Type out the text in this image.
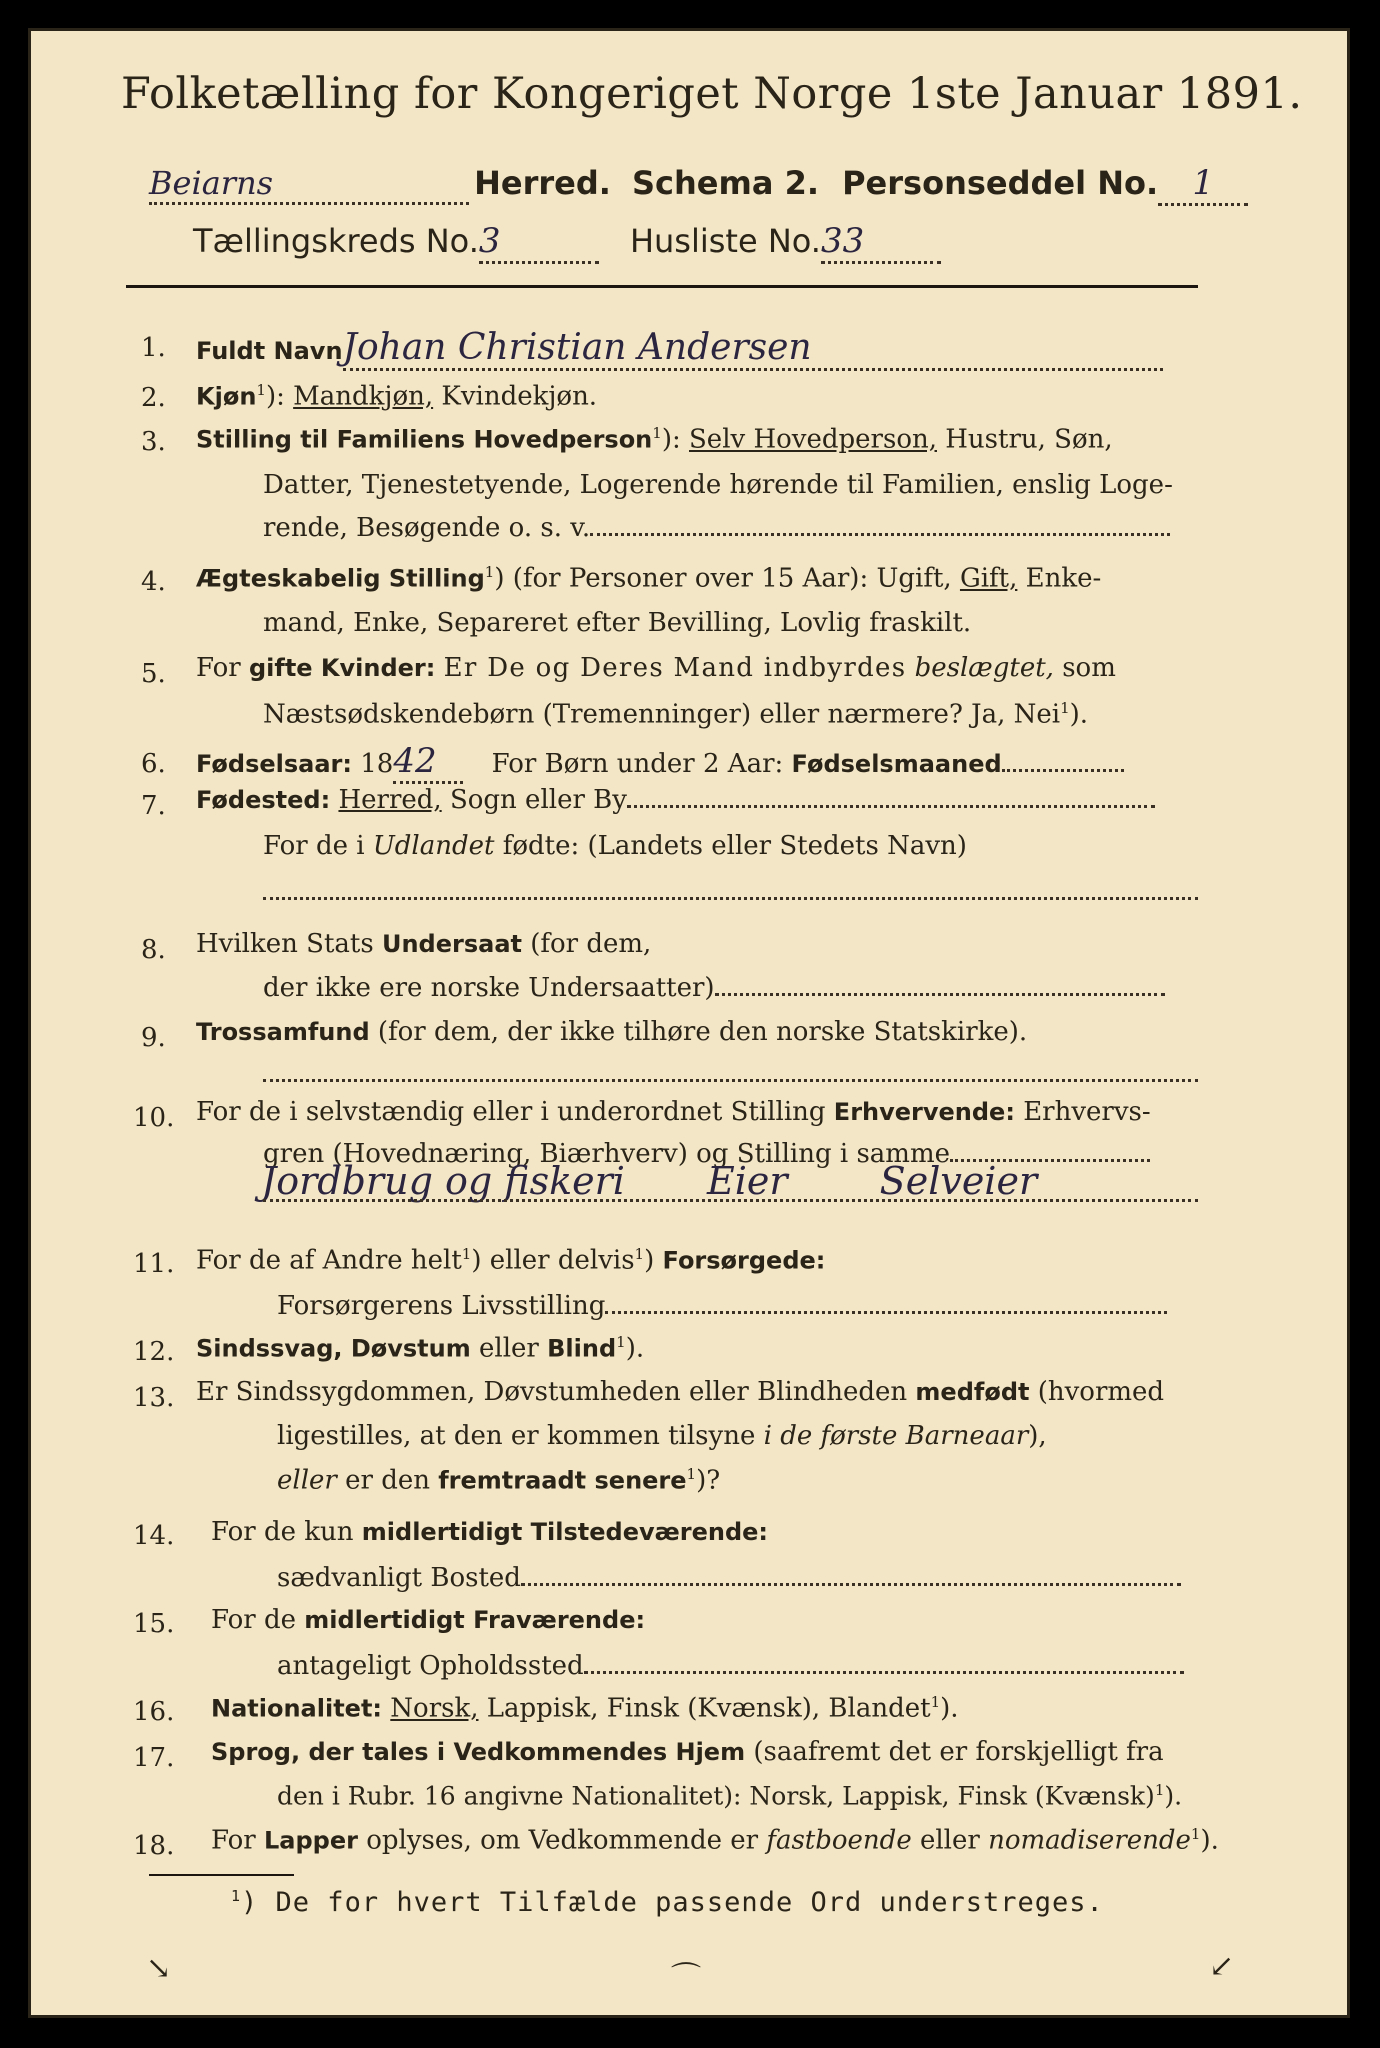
Folketælling for Kongeriget Norge 1ste Januar 1891.
Beiarns	Herred. Schema 2. Personseddel No. 1
Tællingskreds No.3	Husliste No.33
1. Fuldt NavnJohan Christian Andersen
2. Kjøn$^1$): Mandkjøn, Kvindekjøn.
3. Stilling til Familiens Hovedperson$^1$): Selv Hovedperson, Hustru, Søn,
Datter, Tjenestetyende, Logerende hørende til Familien, enslig Loge-
rende, Besøgende o. s. v.
4. Ægteskabelig Stilling$^1$) (for Personer over 15 Aar): Ugift, Gift, Enke-
mand, Enke, Separeret efter Bevilling, Lovlig fraskilt.
5. For gifte Kvinder: Er De og Deres Mand indbyrdes beslægtet, som
Næstsødskendebørn (Tremenninger) eller nærmere? Ja, Nei$^1$).
6. Fødselsaar: 1842 For Børn under 2 Aar: Fødselsmaaned
7. Fødested: Herred, Sogn eller By
For de i Udlandet fødte: (Landets eller Stedets Navn)
8. Hvilken Stats Undersaat (for dem,
der ikke ere norske Undersaatter)
9. Trossamfund (for dem, der ikke tilhøre den norske Statskirke).
10. For de i selvstændig eller i underordnet Stilling Erhvervende: Erhvervs-
gren (Hovednæring, Biærhverv) og Stilling i samme
Jordbrug og fiskeri Eier Selveier
11. For de af Andre helt$^1$) eller delvis$^1$) Forsørgede:
Forsørgerens Livsstilling
12. Sindssvag, Døvstum eller Blind$^1$).
13. Er Sindssygdommen, Døvstumheden eller Blindheden medfødt (hvormed
ligestilles, at den er kommen tilsyne i de første Barneaar),
eller er den fremtraadt senere$^1$)?
14. For de kun midlertidigt Tilstedeværende:
sædvanligt Bosted
15. For de midlertidigt Fraværende:
antageligt Opholdssted
16. Nationalitet: Norsk, Lappisk, Finsk (Kvænsk), Blandet$^1$).
17. Sprog, der tales i Vedkommendes Hjem (saafremt det er forskjelligt fra
den i Rubr. 16 angivne Nationalitet): Norsk, Lappisk, Finsk (Kvænsk)$^1$).
18. For Lapper oplyses, om Vedkommende er fastboende eller nomadiserende$^1$).
$^1$) De for hvert Tilfælde passende Ord understreges.
↘	⌒	↙
